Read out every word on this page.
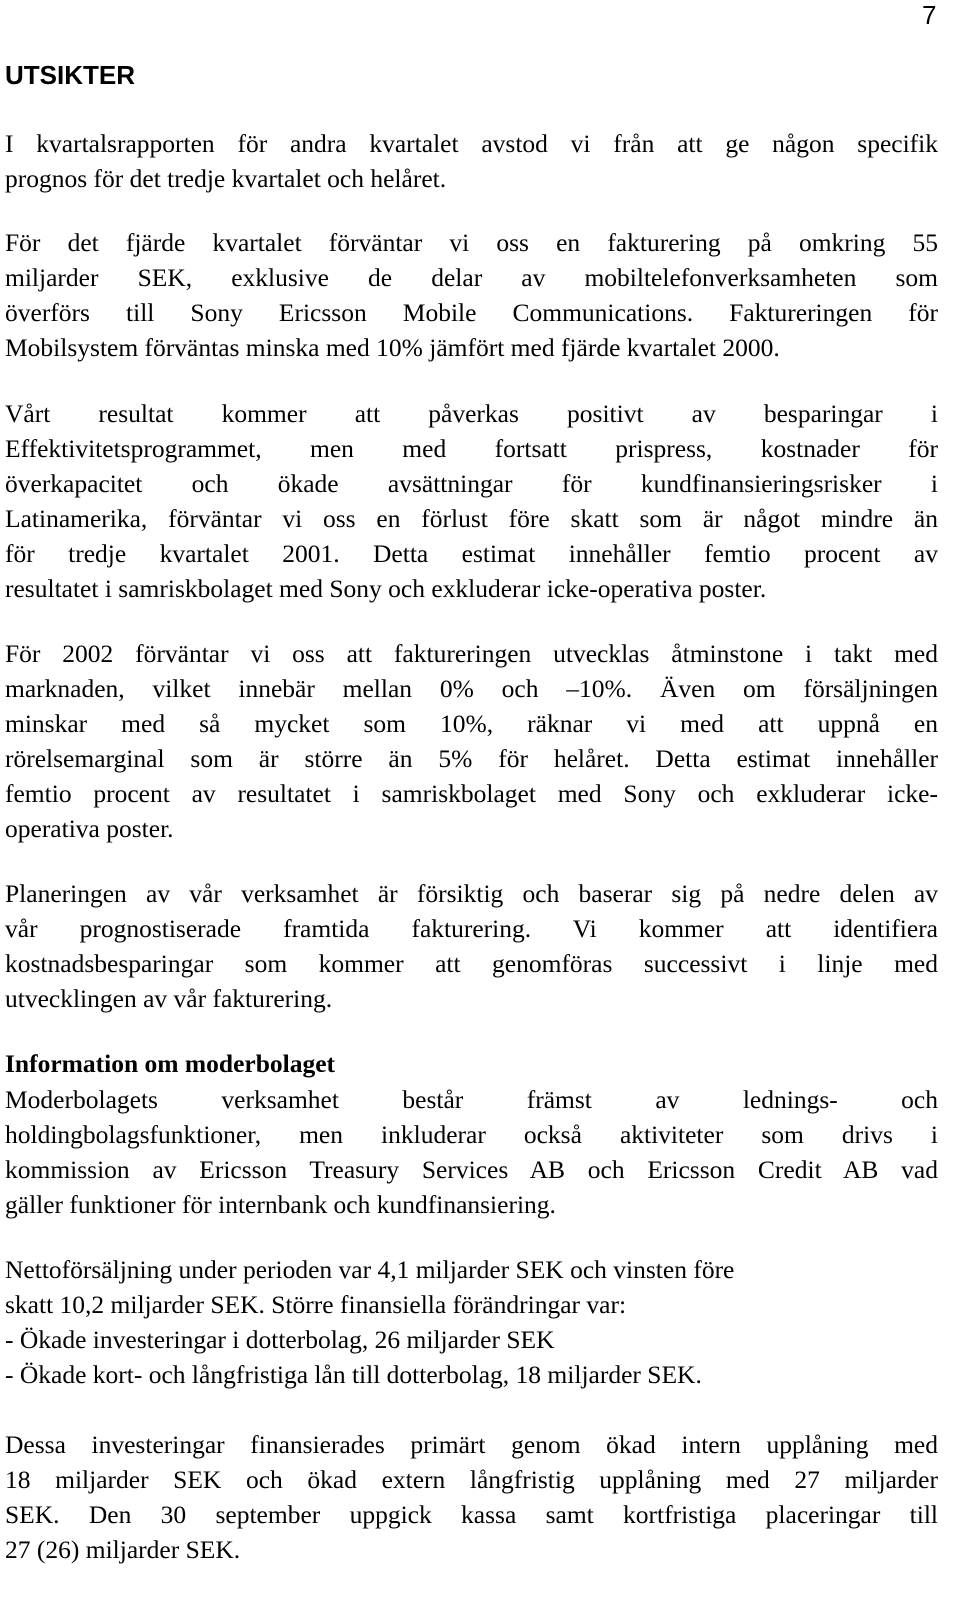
7
UTSIKTER
I kvartalsrapporten för andra kvartalet avstod vi från att ge någon specifik
prognos för det tredje kvartalet och helåret.
För det fjärde kvartalet förväntar vi oss en fakturering på omkring 55
miljarder SEK, exklusive de delar av mobiltelefonverksamheten som
överförs till Sony Ericsson Mobile Communications. Faktureringen för
Mobilsystem förväntas minska med 10% jämfört med fjärde kvartalet 2000.
Vårt resultat kommer att påverkas positivt av besparingar i
Effektivitetsprogrammet, men med fortsatt prispress, kostnader för
överkapacitet och ökade avsättningar för kundfinansieringsrisker i
Latinamerika, förväntar vi oss en förlust före skatt som är något mindre än
för tredje kvartalet 2001. Detta estimat innehåller femtio procent av
resultatet i samriskbolaget med Sony och exkluderar icke-operativa poster.
För 2002 förväntar vi oss att faktureringen utvecklas åtminstone i takt med
marknaden, vilket innebär mellan 0% och –10%. Även om försäljningen
minskar med så mycket som 10%, räknar vi med att uppnå en
rörelsemarginal som är större än 5% för helåret. Detta estimat innehåller
femtio procent av resultatet i samriskbolaget med Sony och exkluderar icke-
operativa poster.
Planeringen av vår verksamhet är försiktig och baserar sig på nedre delen av
vår prognostiserade framtida fakturering. Vi kommer att identifiera
kostnadsbesparingar som kommer att genomföras successivt i linje med
utvecklingen av vår fakturering.
Information om moderbolaget
Moderbolagets verksamhet består främst av lednings- och
holdingbolagsfunktioner, men inkluderar också aktiviteter som drivs i
kommission av Ericsson Treasury Services AB och Ericsson Credit AB vad
gäller funktioner för internbank och kundfinansiering.
Nettoförsäljning under perioden var 4,1 miljarder SEK och vinsten före
skatt 10,2 miljarder SEK. Större finansiella förändringar var:
- Ökade investeringar i dotterbolag, 26 miljarder SEK
- Ökade kort- och långfristiga lån till dotterbolag, 18 miljarder SEK.
Dessa investeringar finansierades primärt genom ökad intern upplåning med
18 miljarder SEK och ökad extern långfristig upplåning med 27 miljarder
SEK. Den 30 september uppgick kassa samt kortfristiga placeringar till
27 (26) miljarder SEK.
